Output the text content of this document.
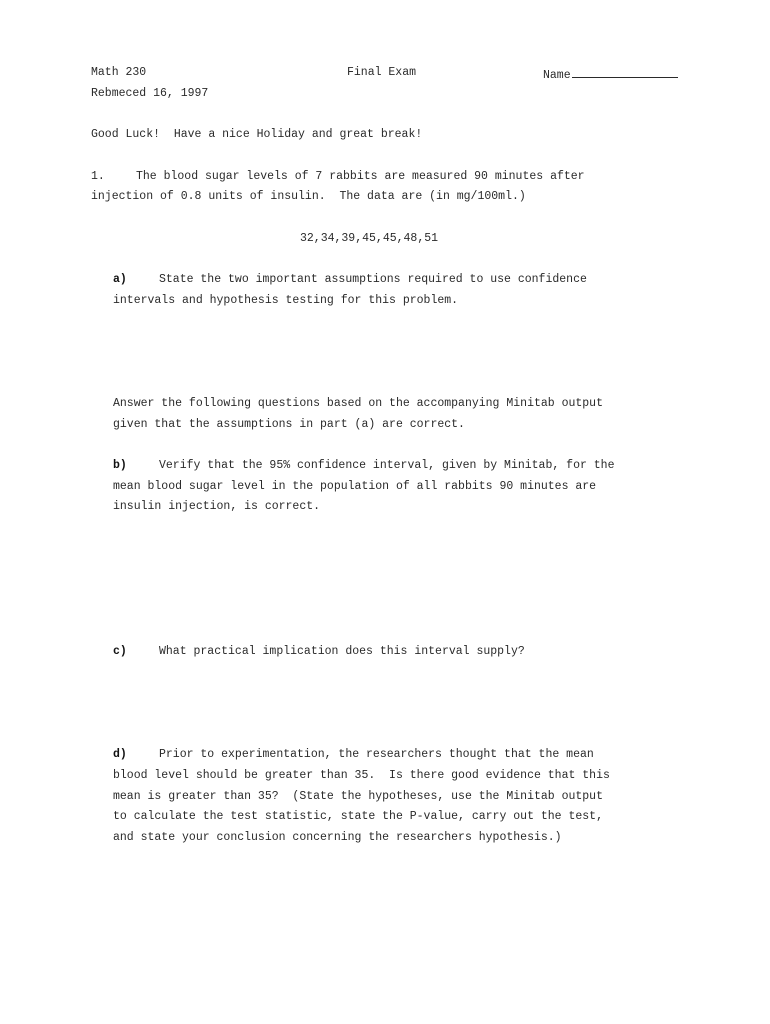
Math 230	Final Exam	Name
Rebmeced 16, 1997
Good Luck!  Have a nice Holiday and great break!
1.	The blood sugar levels of 7 rabbits are measured 90 minutes after
injection of 0.8 units of insulin.  The data are (in mg/100ml.)
32,34,39,45,45,48,51
a)	State the two important assumptions required to use confidence
intervals and hypothesis testing for this problem.
Answer the following questions based on the accompanying Minitab output
given that the assumptions in part (a) are correct.
b)	Verify that the 95% confidence interval, given by Minitab, for the
mean blood sugar level in the population of all rabbits 90 minutes are
insulin injection, is correct.
c)	What practical implication does this interval supply?
d)	Prior to experimentation, the researchers thought that the mean
blood level should be greater than 35.  Is there good evidence that this
mean is greater than 35?  (State the hypotheses, use the Minitab output
to calculate the test statistic, state the P-value, carry out the test,
and state your conclusion concerning the researchers hypothesis.)
